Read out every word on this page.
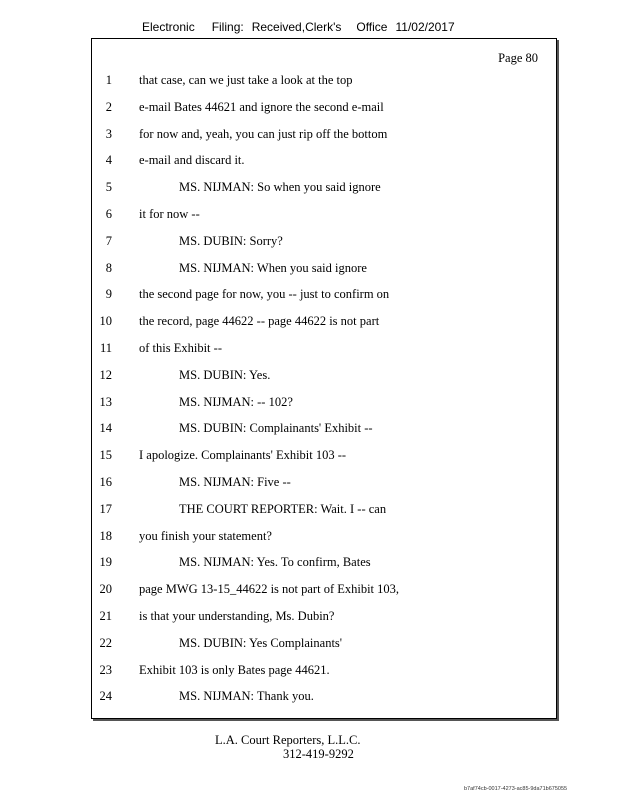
Electronic Filing: Received,Clerk's Office 11/02/2017
Page 80
1 that case, can we just take a look at the top
2 e-mail Bates 44621 and ignore the second e-mail
3 for now and, yeah, you can just rip off the bottom
4 e-mail and discard it.
5	MS. NIJMAN: So when you said ignore
6 it for now --
7	MS. DUBIN: Sorry?
8	MS. NIJMAN: When you said ignore
9 the second page for now, you -- just to confirm on
10 the record, page 44622 -- page 44622 is not part
11 of this Exhibit --
12	MS. DUBIN: Yes.
13	MS. NIJMAN: -- 102?
14	MS. DUBIN: Complainants' Exhibit --
15 I apologize. Complainants' Exhibit 103 --
16	MS. NIJMAN: Five --
17	THE COURT REPORTER: Wait. I -- can
18 you finish your statement?
19	MS. NIJMAN: Yes. To confirm, Bates
20 page MWG 13-15_44622 is not part of Exhibit 103,
21 is that your understanding, Ms. Dubin?
22	MS. DUBIN: Yes Complainants'
23 Exhibit 103 is only Bates page 44621.
24	MS. NIJMAN: Thank you.
L.A. Court Reporters, L.L.C.
312-419-9292
b7af74cb-0017-4273-ac85-9da71b675055
